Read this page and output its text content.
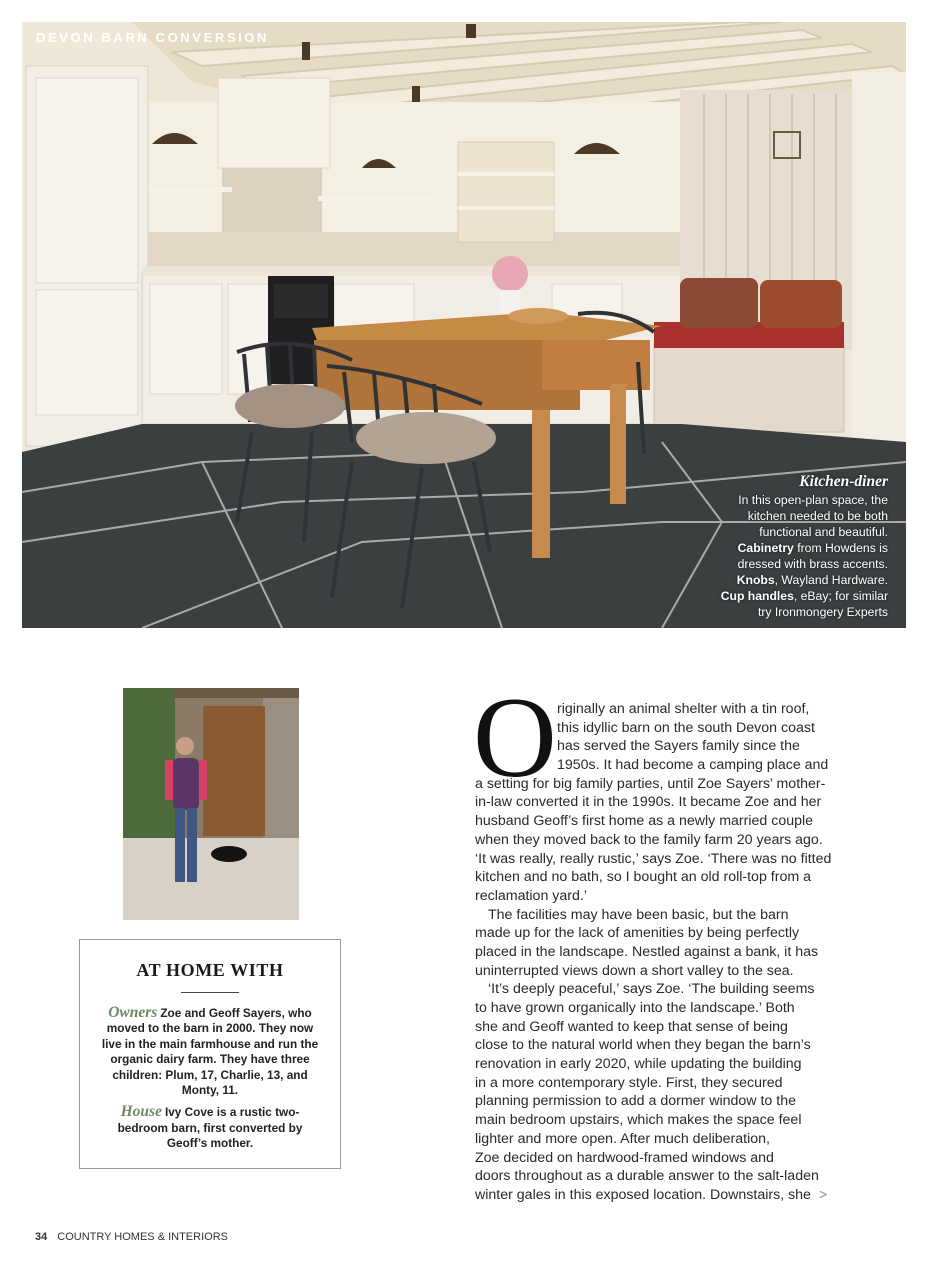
DEVON BARN CONVERSION
Kitchen-diner
In this open-plan space, the
kitchen needed to be both
functional and beautiful.
Cabinetry from Howdens is
dressed with brass accents.
Knobs, Wayland Hardware.
Cup handles, eBay; for similar
try Ironmongery Experts
AT HOME WITH

Owners Zoe and Geoff Sayers, who moved to the barn in 2000. They now live in the main farmhouse and run the organic dairy farm. They have three children: Plum, 17, Charlie, 13, and Monty, 11.

House Ivy Cove is a rustic two-bedroom barn, first converted by Geoff’s mother.

O riginally an animal shelter with a tin roof,
this idyllic barn on the south Devon coast
has served the Sayers family since the
1950s. It had become a camping place and
a setting for big family parties, until Zoe Sayers’ mother-
in-law converted it in the 1990s. It became Zoe and her
husband Geoff’s first home as a newly married couple
when they moved back to the family farm 20 years ago.
‘It was really, really rustic,’ says Zoe. ‘There was no fitted
kitchen and no bath, so I bought an old roll-top from a
reclamation yard.’
The facilities may have been basic, but the barn
made up for the lack of amenities by being perfectly
placed in the landscape. Nestled against a bank, it has
uninterrupted views down a short valley to the sea.
‘It’s deeply peaceful,’ says Zoe. ‘The building seems
to have grown organically into the landscape.’ Both
she and Geoff wanted to keep that sense of being
close to the natural world when they began the barn’s
renovation in early 2020, while updating the building
in a more contemporary style. First, they secured
planning permission to add a dormer window to the
main bedroom upstairs, which makes the space feel
lighter and more open. After much deliberation,
Zoe decided on hardwood-framed windows and
doors throughout as a durable answer to the salt-laden
winter gales in this exposed location. Downstairs, she >
34 COUNTRY HOMES & INTERIORS
